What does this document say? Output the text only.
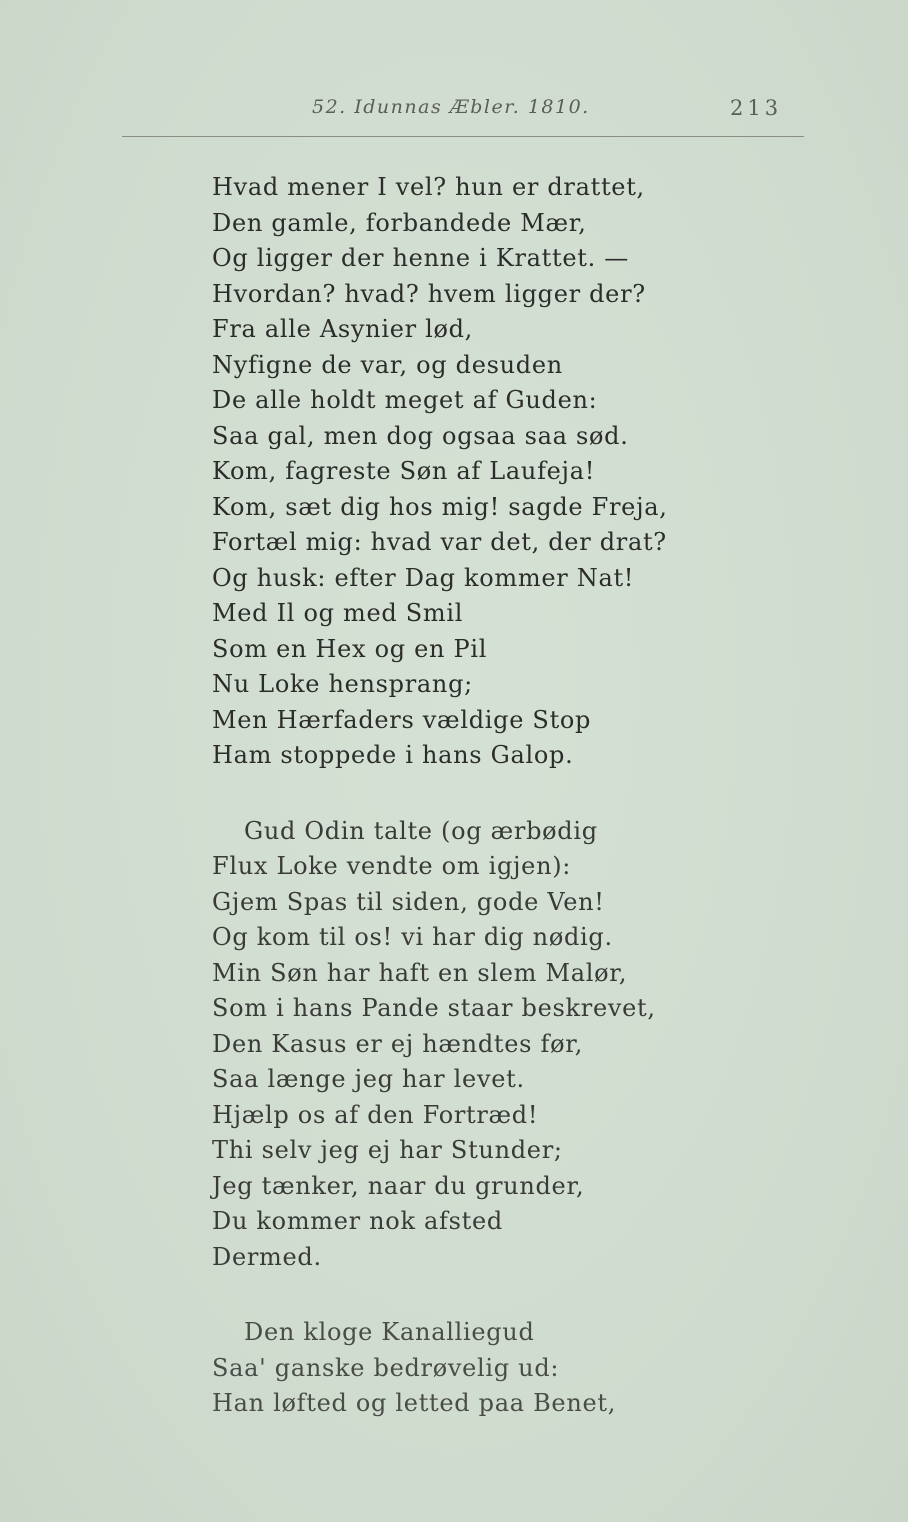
52. Idunnas Æbler. 1810.	213
Hvad mener I vel? hun er drattet,
Den gamle, forbandede Mær,
Og ligger der henne i Krattet. —
Hvordan? hvad? hvem ligger der?
Fra alle Asynier lød,
Nyfigne de var, og desuden
De alle holdt meget af Guden:
Saa gal, men dog ogsaa saa sød.
Kom, fagreste Søn af Laufeja!
Kom, sæt dig hos mig! sagde Freja,
Fortæl mig: hvad var det, der drat?
Og husk: efter Dag kommer Nat!
Med Il og med Smil
Som en Hex og en Pil
Nu Loke hensprang;
Men Hærfaders vældige Stop
Ham stoppede i hans Galop.
Gud Odin talte (og ærbødig
Flux Loke vendte om igjen):
Gjem Spas til siden, gode Ven!
Og kom til os! vi har dig nødig.
Min Søn har haft en slem Malør,
Som i hans Pande staar beskrevet,
Den Kasus er ej hændtes før,
Saa længe jeg har levet.
Hjælp os af den Fortræd!
Thi selv jeg ej har Stunder;
Jeg tænker, naar du grunder,
Du kommer nok afsted
Dermed.
Den kloge Kanalliegud
Saa' ganske bedrøvelig ud:
Han løfted og letted paa Benet,
